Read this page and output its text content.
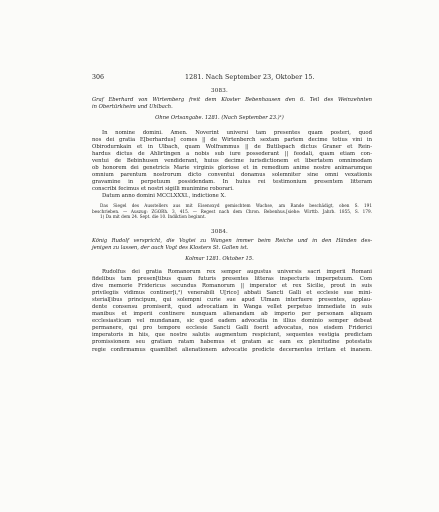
306	1281. Nach September 23, Oktober 15.
3083.
Graf Eberhard von Wirtemberg freit dem Kloster Bebenhausen den 6. Teil des Weinzehnten
in Obertürkheim und Uhlbach.
Ohne Ortsangabe. 1281. (Nach September 23.)¹)
In nomine domini. Amen. Noverint universi tam presentes quam posteri, quod
nos dei gratia E[berhardus] comes || de Wirtenberch sextam partem decime totius vini in
Obirodurnkain et in Ũlbach, quam Wolframmus || de Butilspach dictus Graner et Rein-
hardus dictus de Ahlirtingen a nobis sub iure possederant || feodali, quam etiam con-
ventui de Bebinhusen vendiderant, huius decime iurisdictionem et libertatem omnimodam
ob honorem dei genetricis Marie virginis gloriose et in remedium anime nostre animarumque
omnium parentum nostrorum dicto conventui donamus solemniter sine omni vexationis
gravamine in perpetuum possidendam. In huius rei testimonium presentem litteram
conscribi fecimus et nostri sigilli munimine roborari.
Datum anno domini MCCLXXXI., indictione X.
Das Siegel des Ausstellers aus mit Eisenoxyd gemischtem Wachse, am Rande beschädigt, oben S. 191
beschrieben. — Auszug: ZGORh. 3, 415. — Regest nach dem Chron. Bebenhus.[siehe: Wirttb. Jahrb. 1855, S. 179.
1) Da mit dem 24. Sept. die 10. Indiktion beginnt.
3084.
König Rudolf verspricht, die Vogtei zu Wangen immer beim Reiche und in den Händen des-
jenigen zu lassen, der auch Vogt des Klosters St. Gallen ist.
Kolmar 1281. Oktober 15.
Rudolfus dei gratia Romanorum rex semper augustus universis sacri imperii Romani
fidelibus tam presen[tibus quam futuris presentes litteras inspecturis imperpetuum. Com
dive memorie Fridericus secundus Romanorum || imperator et rex Sicilie, prout in suis
privilegiis vidimus continer[i,²) venerabili Ũ[rico] abbati Sancti Galli et ecclesie sue mini-
sterial[ibus principum, qui solempni curie sue apud Ulmam interfuere presentes, applau-
dente consensu promiserit, quod advocatiam in Wanga vellet perpetuo immediate in suis
manibus et imperii continere nunquam alienandam ab imperio per personam aliquam
ecclesiasticam vel mundanam, sic quod eadem advocatia in illius dominio semper debeat
permanere, qui pro tempore ecclesie Sancti Galli foerit advocatus, nos eisdem Friderici
imperatoris in hiis, que nostre salutis augmentum respiciunt, sequentes vestigia predictam
promissionem seu gratiam ratam habemus et gratam ac eam ex plenitudine potestatis
regie confirmamus quamlibet alienationem advocatie predicte decernentes irritam et inanem.
